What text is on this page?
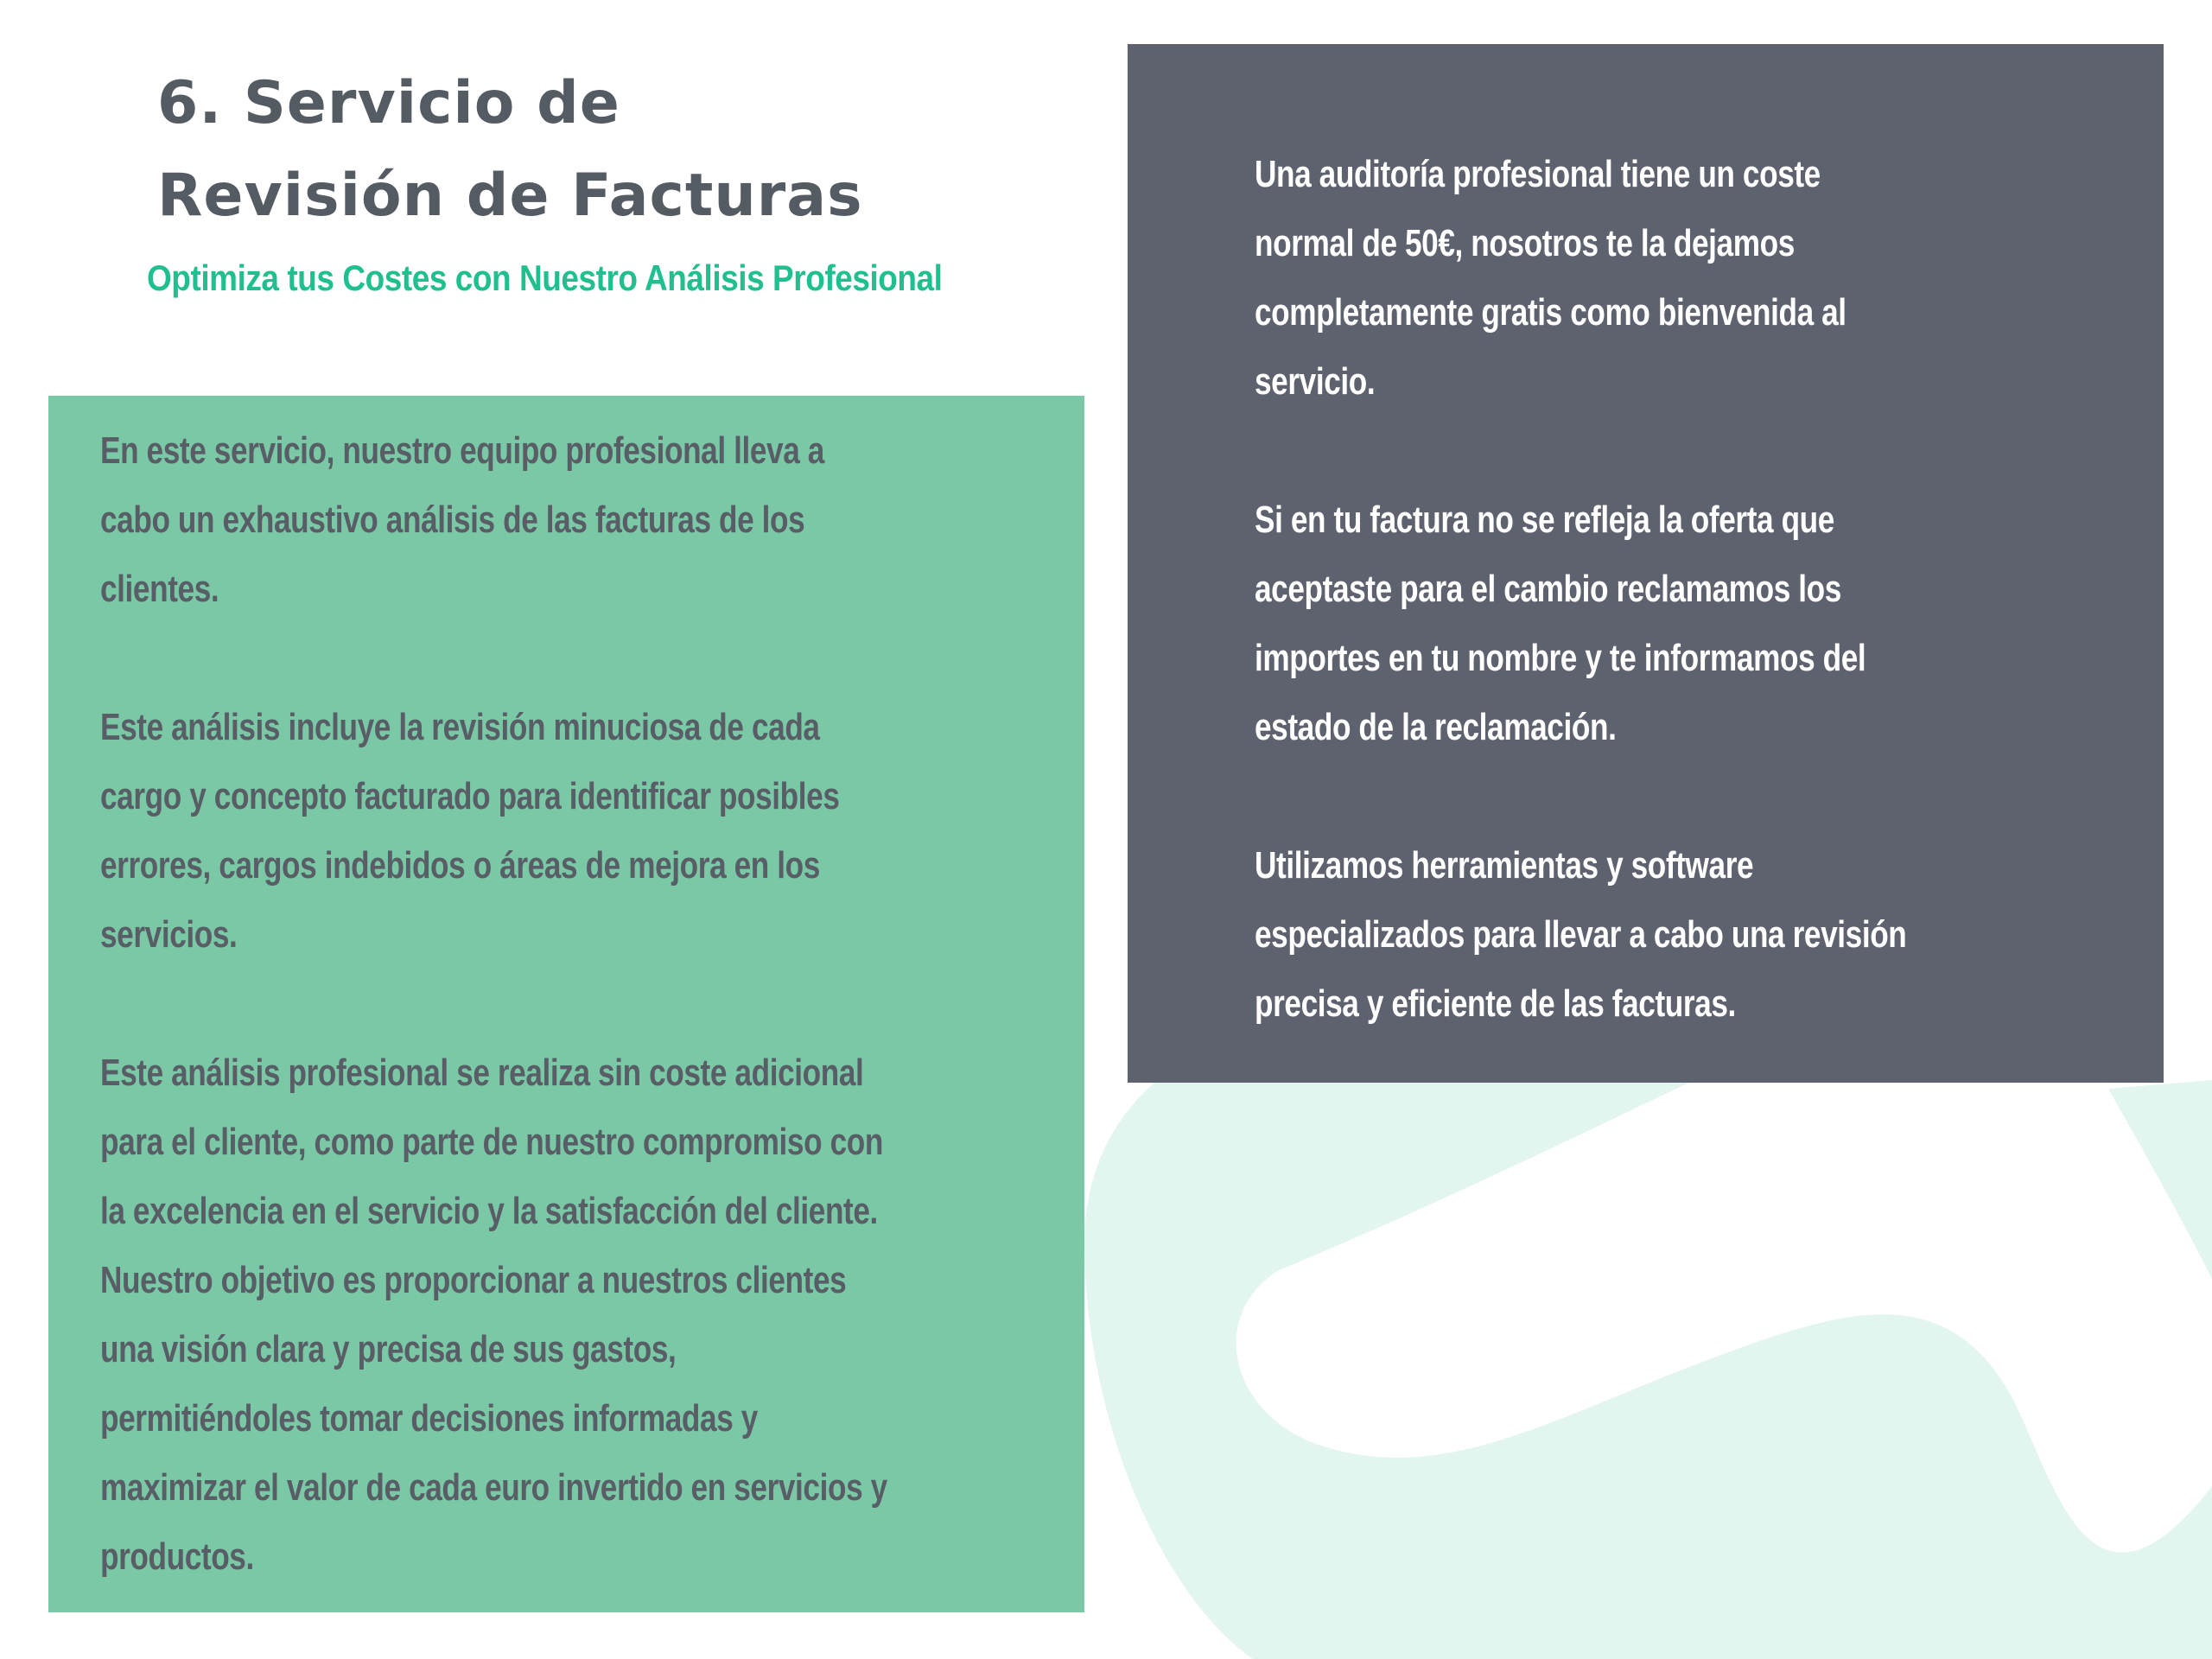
6. Servicio de
Revisión de Facturas

Optimiza tus Costes con Nuestro Análisis Profesional

En este servicio, nuestro equipo profesional lleva a
cabo un exhaustivo análisis de las facturas de los
clientes.
Este análisis incluye la revisión minuciosa de cada
cargo y concepto facturado para identificar posibles
errores, cargos indebidos o áreas de mejora en los
servicios.
Este análisis profesional se realiza sin coste adicional
para el cliente, como parte de nuestro compromiso con
la excelencia en el servicio y la satisfacción del cliente.
Nuestro objetivo es proporcionar a nuestros clientes
una visión clara y precisa de sus gastos,
permitiéndoles tomar decisiones informadas y
maximizar el valor de cada euro invertido en servicios y
productos.
Una auditoría profesional tiene un coste
normal de 50€, nosotros te la dejamos
completamente gratis como bienvenida al
servicio.
Si en tu factura no se refleja la oferta que
aceptaste para el cambio reclamamos los
importes en tu nombre y te informamos del
estado de la reclamación.
Utilizamos herramientas y software
especializados para llevar a cabo una revisión
precisa y eficiente de las facturas.
